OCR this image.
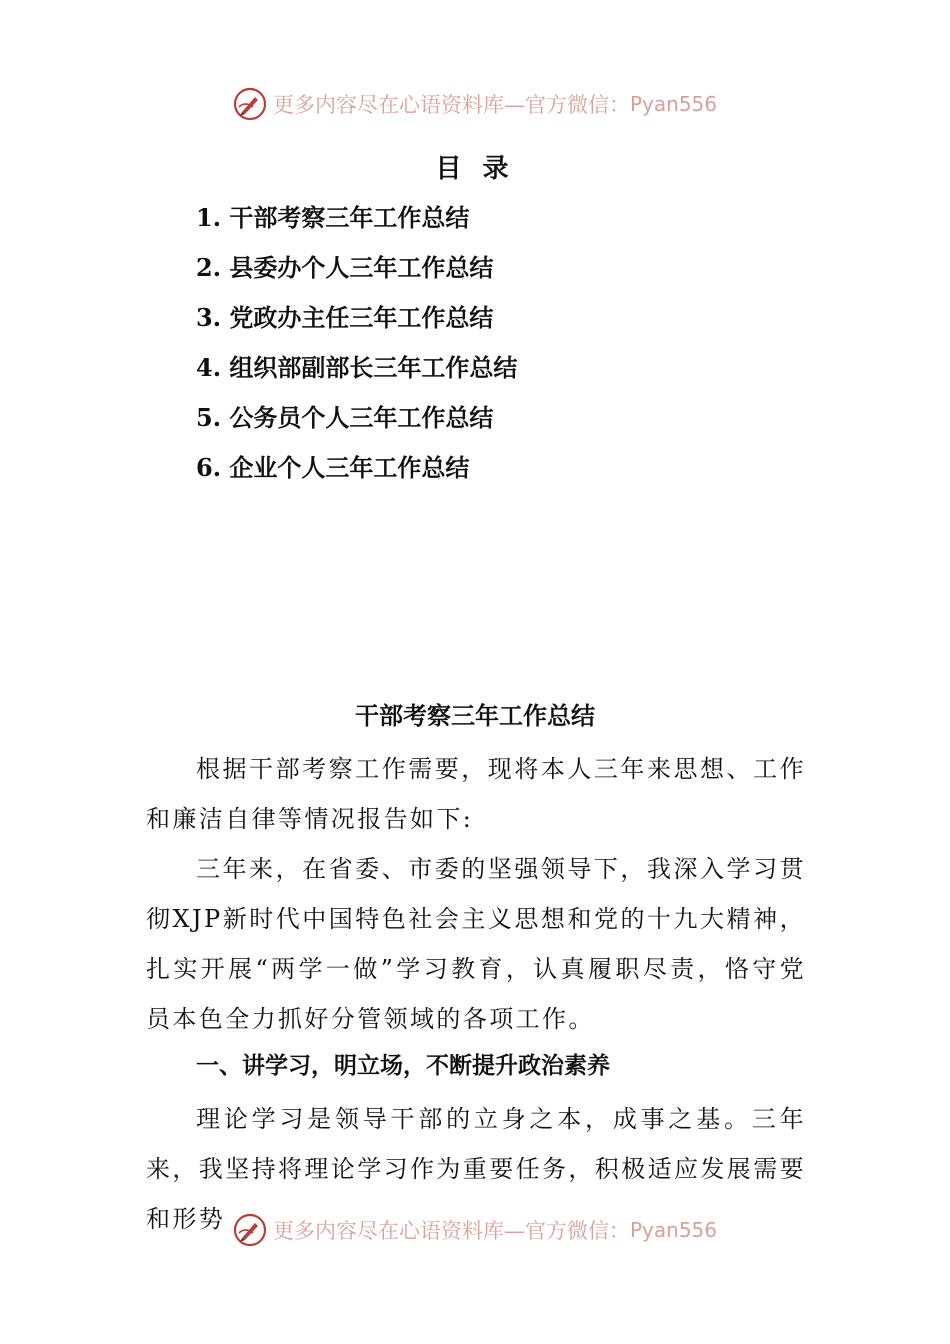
更多内容尽在心语资料库—官方微信： Pyan556
目 录
1. 干部考察三年工作总结
2. 县委办个人三年工作总结
3. 党政办主任三年工作总结
4. 组织部副部长三年工作总结
5. 公务员个人三年工作总结
6. 企业个人三年工作总结
干部考察三年工作总结

根据干部考察工作需要，现将本人三年来思想、工作和廉洁自律等情况报告如下:

三年来，在省委、市委的坚强领导下，我深入学习贯彻XJP新时代中国特色社会主义思想和党的十九大精神，扎实开展“两学一做”学习教育，认真履职尽责，恪守党员本色全力抓好分管领域的各项工作。

一、讲学习，明立场，不断提升政治素养

理论学习是领导干部的立身之本，成事之基。三年来，我坚持将理论学习作为重要任务，积极适应发展需要和形势	更多内容尽在心语资料库—官方微信： Pyan556
